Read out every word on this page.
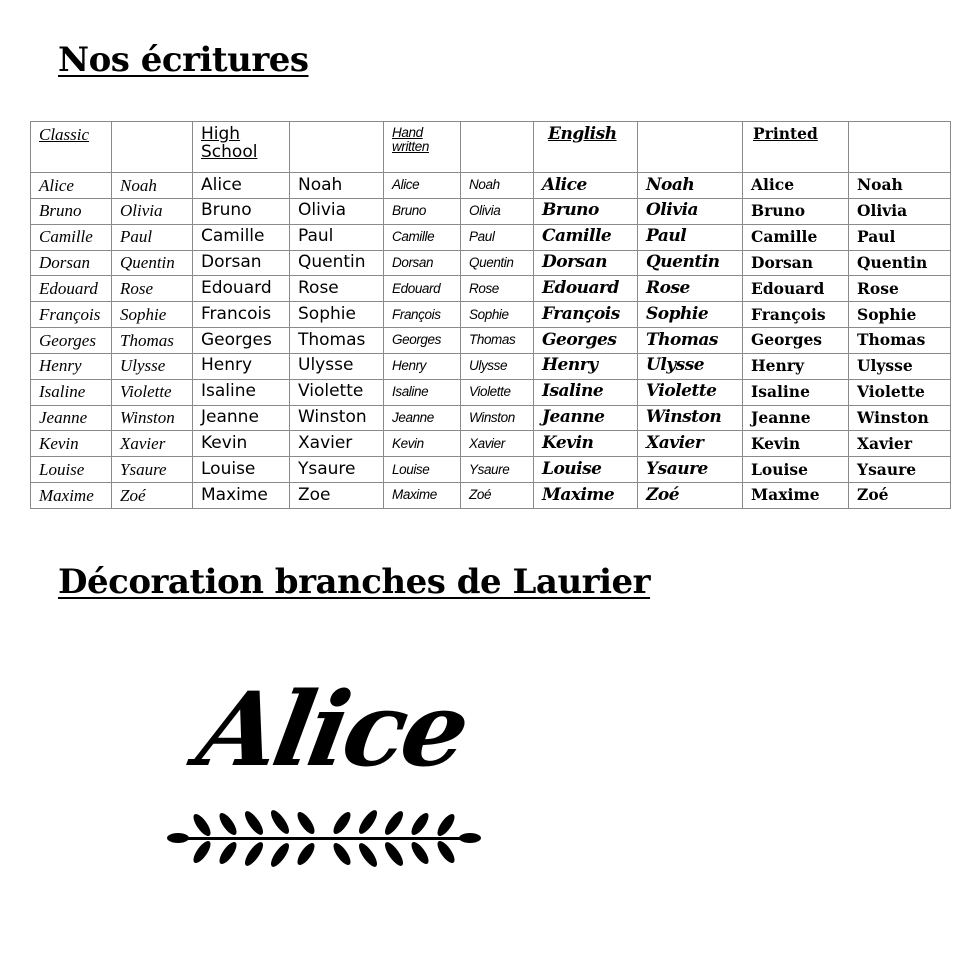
Nos écritures
Classic		High School		Hand written		English		Printed	
Alice	Noah	Alice	Noah	Alice	Noah	Alice	Noah	Alice	Noah
Bruno	Olivia	Bruno	Olivia	Bruno	Olivia	Bruno	Olivia	Bruno	Olivia
Camille	Paul	Camille	Paul	Camille	Paul	Camille	Paul	Camille	Paul
Dorsan	Quentin	Dorsan	Quentin	Dorsan	Quentin	Dorsan	Quentin	Dorsan	Quentin
Edouard	Rose	Edouard	Rose	Edouard	Rose	Edouard	Rose	Edouard	Rose
François	Sophie	Francois	Sophie	François	Sophie	François	Sophie	François	Sophie
Georges	Thomas	Georges	Thomas	Georges	Thomas	Georges	Thomas	Georges	Thomas
Henry	Ulysse	Henry	Ulysse	Henry	Ulysse	Henry	Ulysse	Henry	Ulysse
Isaline	Violette	Isaline	Violette	Isaline	Violette	Isaline	Violette	Isaline	Violette
Jeanne	Winston	Jeanne	Winston	Jeanne	Winston	Jeanne	Winston	Jeanne	Winston
Kevin	Xavier	Kevin	Xavier	Kevin	Xavier	Kevin	Xavier	Kevin	Xavier
Louise	Ysaure	Louise	Ysaure	Louise	Ysaure	Louise	Ysaure	Louise	Ysaure
Maxime	Zoé	Maxime	Zoe	Maxime	Zoé	Maxime	Zoé	Maxime	Zoé
Décoration branches de Laurier
Alice
